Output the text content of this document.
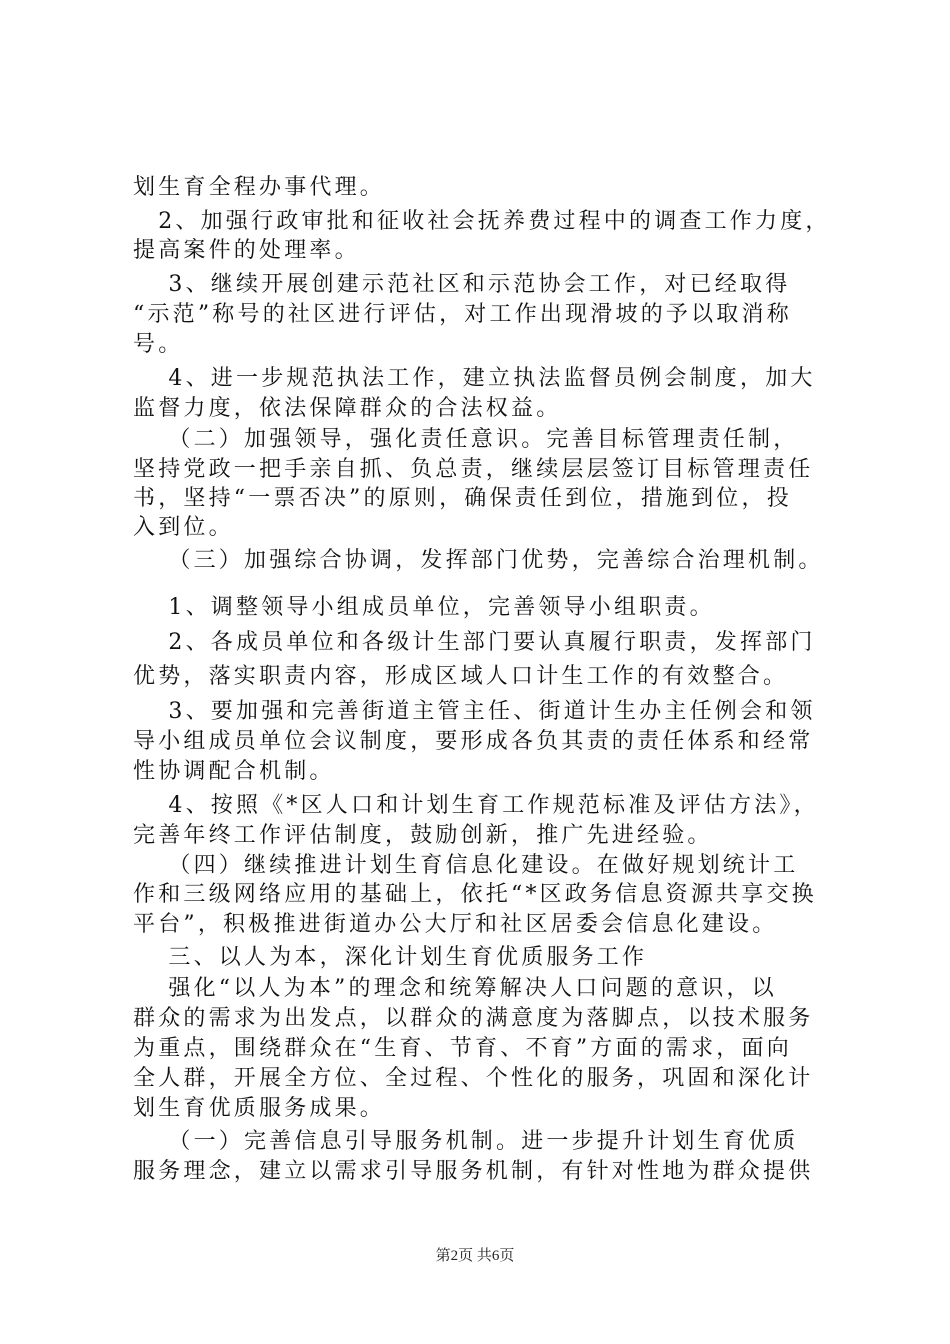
划生育全程办事代理。
　2、加强行政审批和征收社会抚养费过程中的调查工作力度，
提高案件的处理率。
　 3、继续开展创建示范社区和示范协会工作，对已经取得
“示范”称号的社区进行评估，对工作出现滑坡的予以取消称
号。
　 4、进一步规范执法工作，建立执法监督员例会制度，加大
监督力度，依法保障群众的合法权益。
　 （二）加强领导，强化责任意识。完善目标管理责任制，
坚持党政一把手亲自抓、负总责，继续层层签订目标管理责任
书，坚持“一票否决”的原则，确保责任到位，措施到位，投
入到位。
　 （三）加强综合协调，发挥部门优势，完善综合治理机制。
　 1、调整领导小组成员单位，完善领导小组职责。
　 2、各成员单位和各级计生部门要认真履行职责，发挥部门
优势，落实职责内容，形成区域人口计生工作的有效整合。
　 3、要加强和完善街道主管主任、街道计生办主任例会和领
导小组成员单位会议制度，要形成各负其责的责任体系和经常
性协调配合机制。
　 4、按照《*区人口和计划生育工作规范标准及评估方法》，
完善年终工作评估制度，鼓励创新，推广先进经验。
　 （四）继续推进计划生育信息化建设。在做好规划统计工
作和三级网络应用的基础上，依托“*区政务信息资源共享交换
平台”，积极推进街道办公大厅和社区居委会信息化建设。
　 三、以人为本，深化计划生育优质服务工作
　 强化“以人为本”的理念和统筹解决人口问题的意识，以
群众的需求为出发点，以群众的满意度为落脚点，以技术服务
为重点，围绕群众在“生育、节育、不育”方面的需求，面向
全人群，开展全方位、全过程、个性化的服务，巩固和深化计
划生育优质服务成果。
　 （一）完善信息引导服务机制。进一步提升计划生育优质
服务理念，建立以需求引导服务机制，有针对性地为群众提供
第2页 共6页
